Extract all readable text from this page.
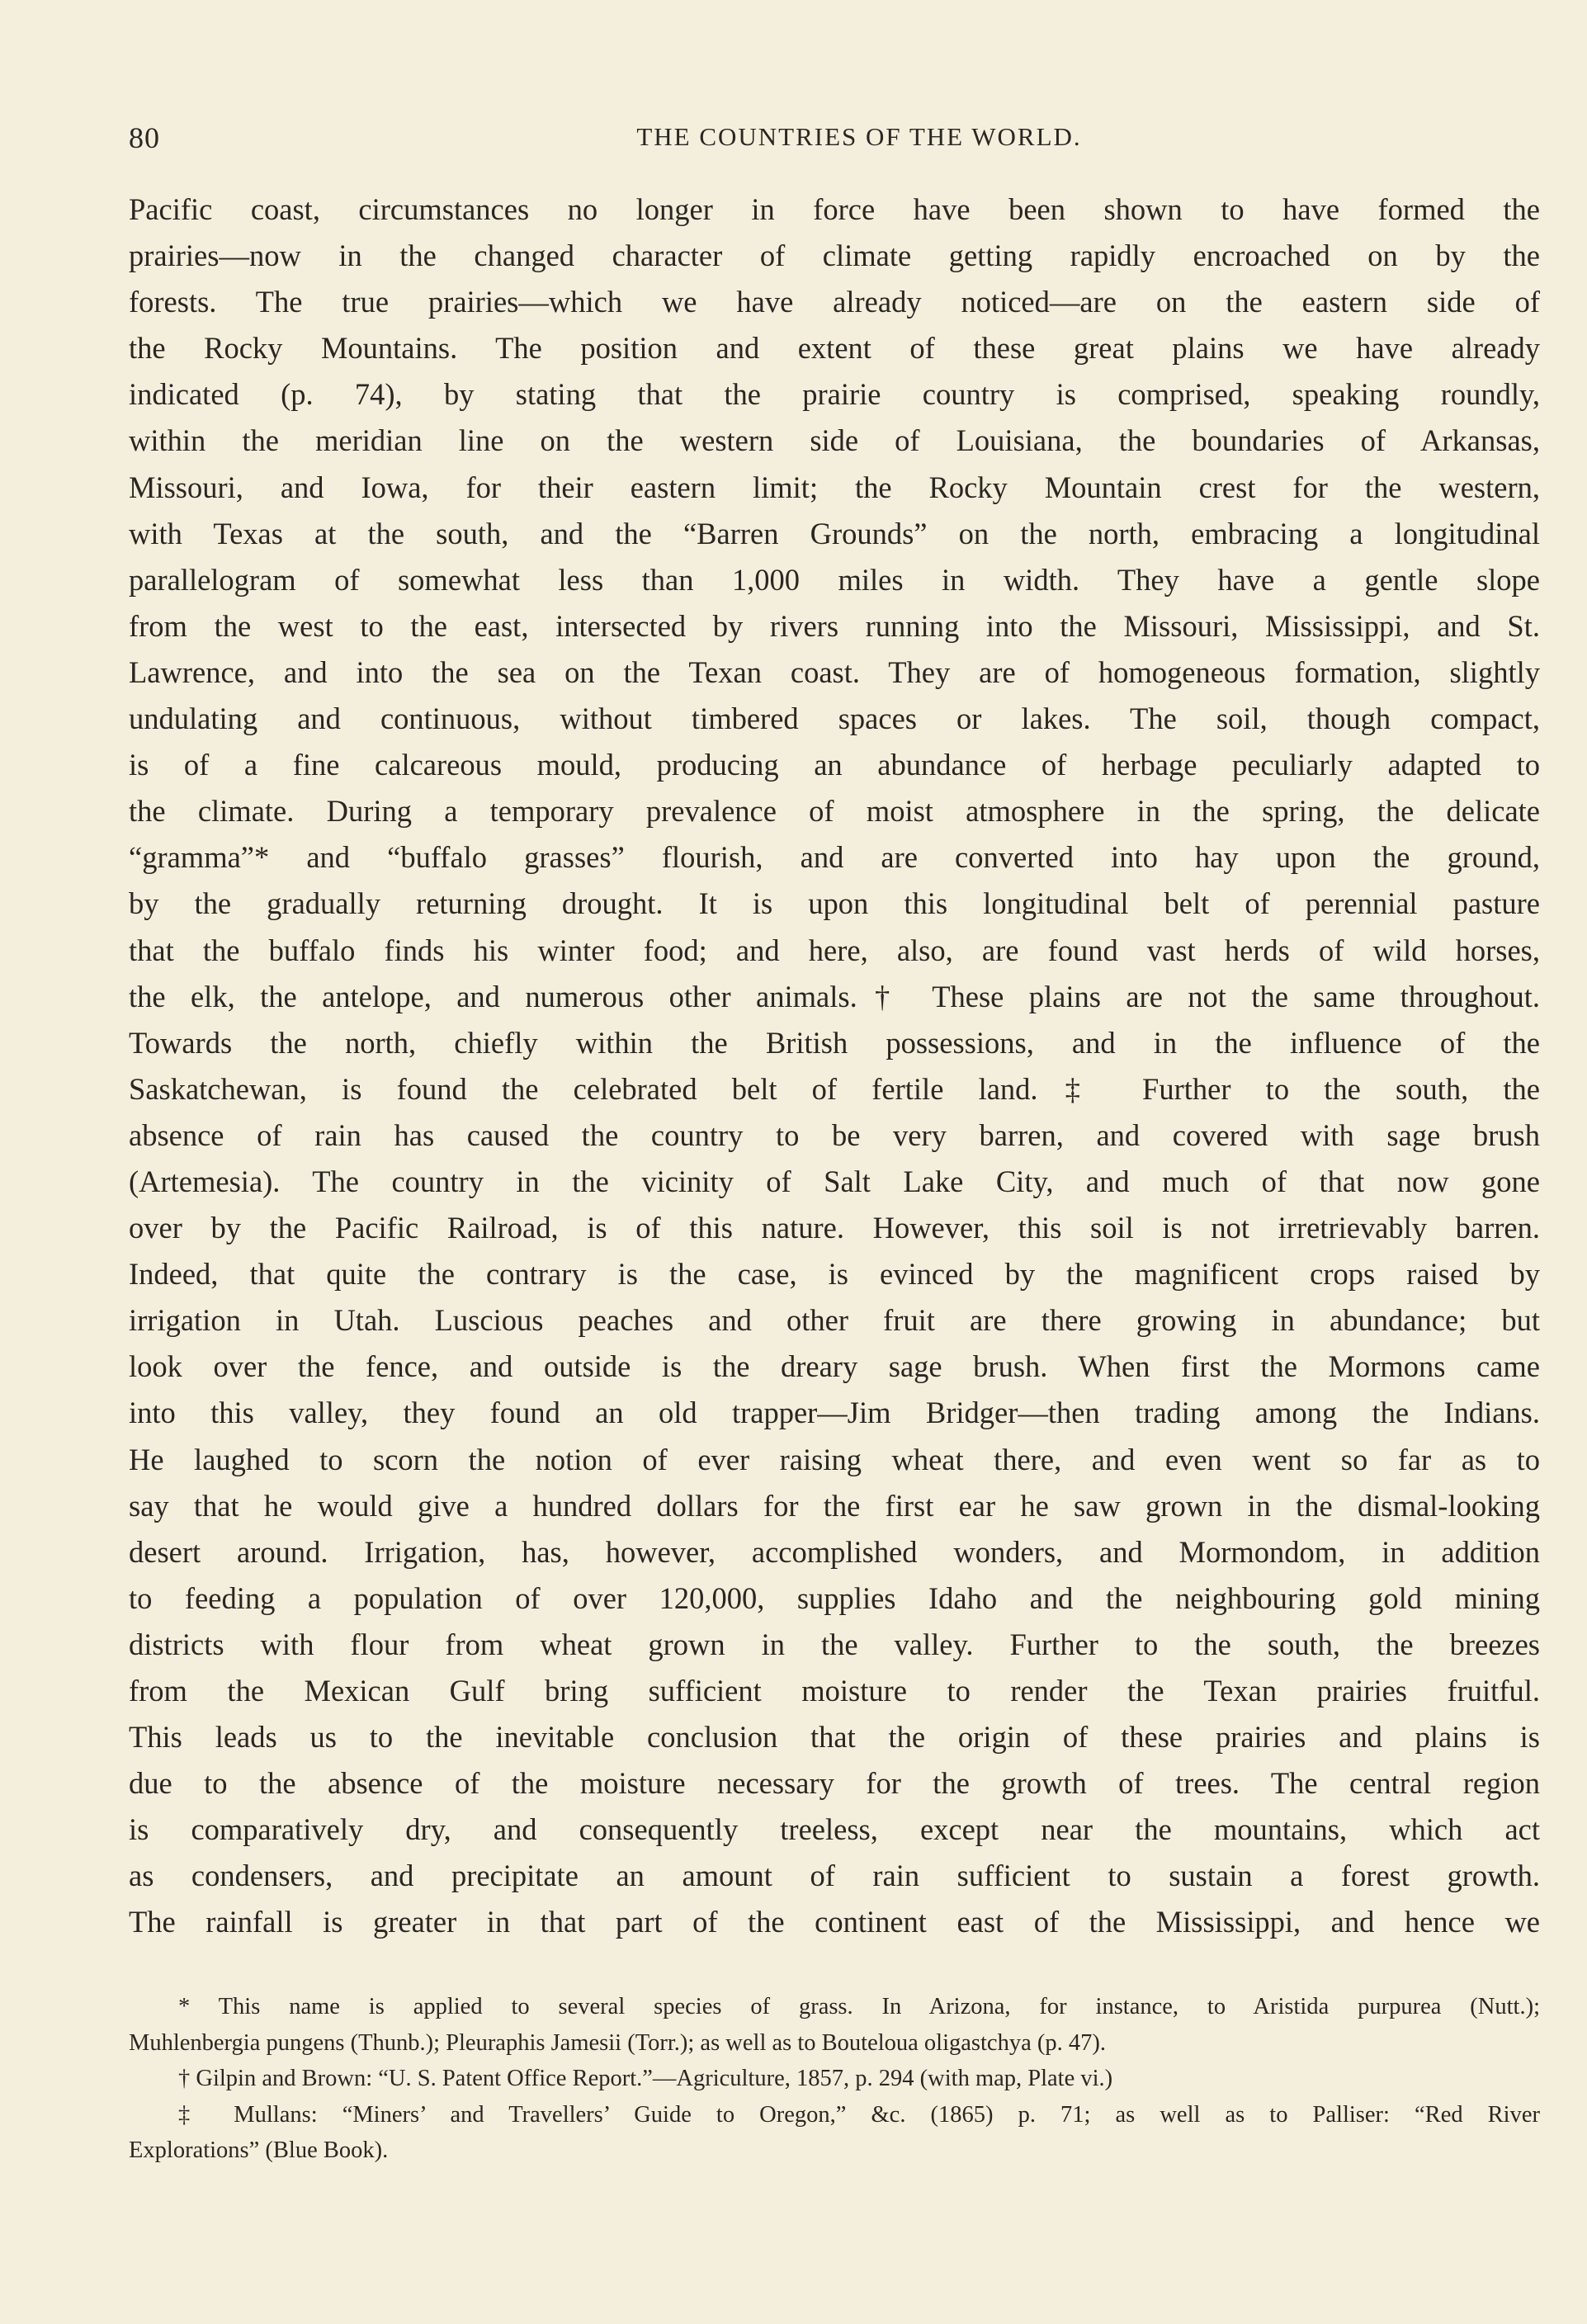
80	THE COUNTRIES OF THE WORLD.
Pacific coast, circumstances no longer in force have been shown to have formed the
prairies—now in the changed character of climate getting rapidly encroached on by the
forests. The true prairies—which we have already noticed—are on the eastern side of
the Rocky Mountains. The position and extent of these great plains we have already
indicated (p. 74), by stating that the prairie country is comprised, speaking roundly,
within the meridian line on the western side of Louisiana, the boundaries of Arkansas,
Missouri, and Iowa, for their eastern limit; the Rocky Mountain crest for the western,
with Texas at the south, and the “Barren Grounds” on the north, embracing a longitudinal
parallelogram of somewhat less than 1,000 miles in width. They have a gentle slope
from the west to the east, intersected by rivers running into the Missouri, Mississippi, and St.
Lawrence, and into the sea on the Texan coast. They are of homogeneous formation, slightly
undulating and continuous, without timbered spaces or lakes. The soil, though compact,
is of a fine calcareous mould, producing an abundance of herbage peculiarly adapted to
the climate. During a temporary prevalence of moist atmosphere in the spring, the delicate
“gramma”* and “buffalo grasses” flourish, and are converted into hay upon the ground,
by the gradually returning drought. It is upon this longitudinal belt of perennial pasture
that the buffalo finds his winter food; and here, also, are found vast herds of wild horses,
the elk, the antelope, and numerous other animals.† These plains are not the same throughout.
Towards the north, chiefly within the British possessions, and in the influence of the
Saskatchewan, is found the celebrated belt of fertile land.‡ Further to the south, the
absence of rain has caused the country to be very barren, and covered with sage brush
(Artemesia). The country in the vicinity of Salt Lake City, and much of that now gone
over by the Pacific Railroad, is of this nature. However, this soil is not irretrievably barren.
Indeed, that quite the contrary is the case, is evinced by the magnificent crops raised by
irrigation in Utah. Luscious peaches and other fruit are there growing in abundance; but
look over the fence, and outside is the dreary sage brush. When first the Mormons came
into this valley, they found an old trapper—Jim Bridger—then trading among the Indians.
He laughed to scorn the notion of ever raising wheat there, and even went so far as to
say that he would give a hundred dollars for the first ear he saw grown in the dismal-looking
desert around. Irrigation, has, however, accomplished wonders, and Mormondom, in addition
to feeding a population of over 120,000, supplies Idaho and the neighbouring gold mining
districts with flour from wheat grown in the valley. Further to the south, the breezes
from the Mexican Gulf bring sufficient moisture to render the Texan prairies fruitful.
This leads us to the inevitable conclusion that the origin of these prairies and plains is
due to the absence of the moisture necessary for the growth of trees. The central region
is comparatively dry, and consequently treeless, except near the mountains, which act
as condensers, and precipitate an amount of rain sufficient to sustain a forest growth.
The rainfall is greater in that part of the continent east of the Mississippi, and hence we
* This name is applied to several species of grass. In Arizona, for instance, to Aristida purpurea (Nutt.);
Muhlenbergia pungens (Thunb.); Pleuraphis Jamesii (Torr.); as well as to Bouteloua oligastchya (p. 47).
† Gilpin and Brown: “U. S. Patent Office Report.”—Agriculture, 1857, p. 294 (with map, Plate vi.)
‡ Mullans: “Miners’ and Travellers’ Guide to Oregon,” &c. (1865) p. 71; as well as to Palliser: “Red River
Explorations” (Blue Book).
